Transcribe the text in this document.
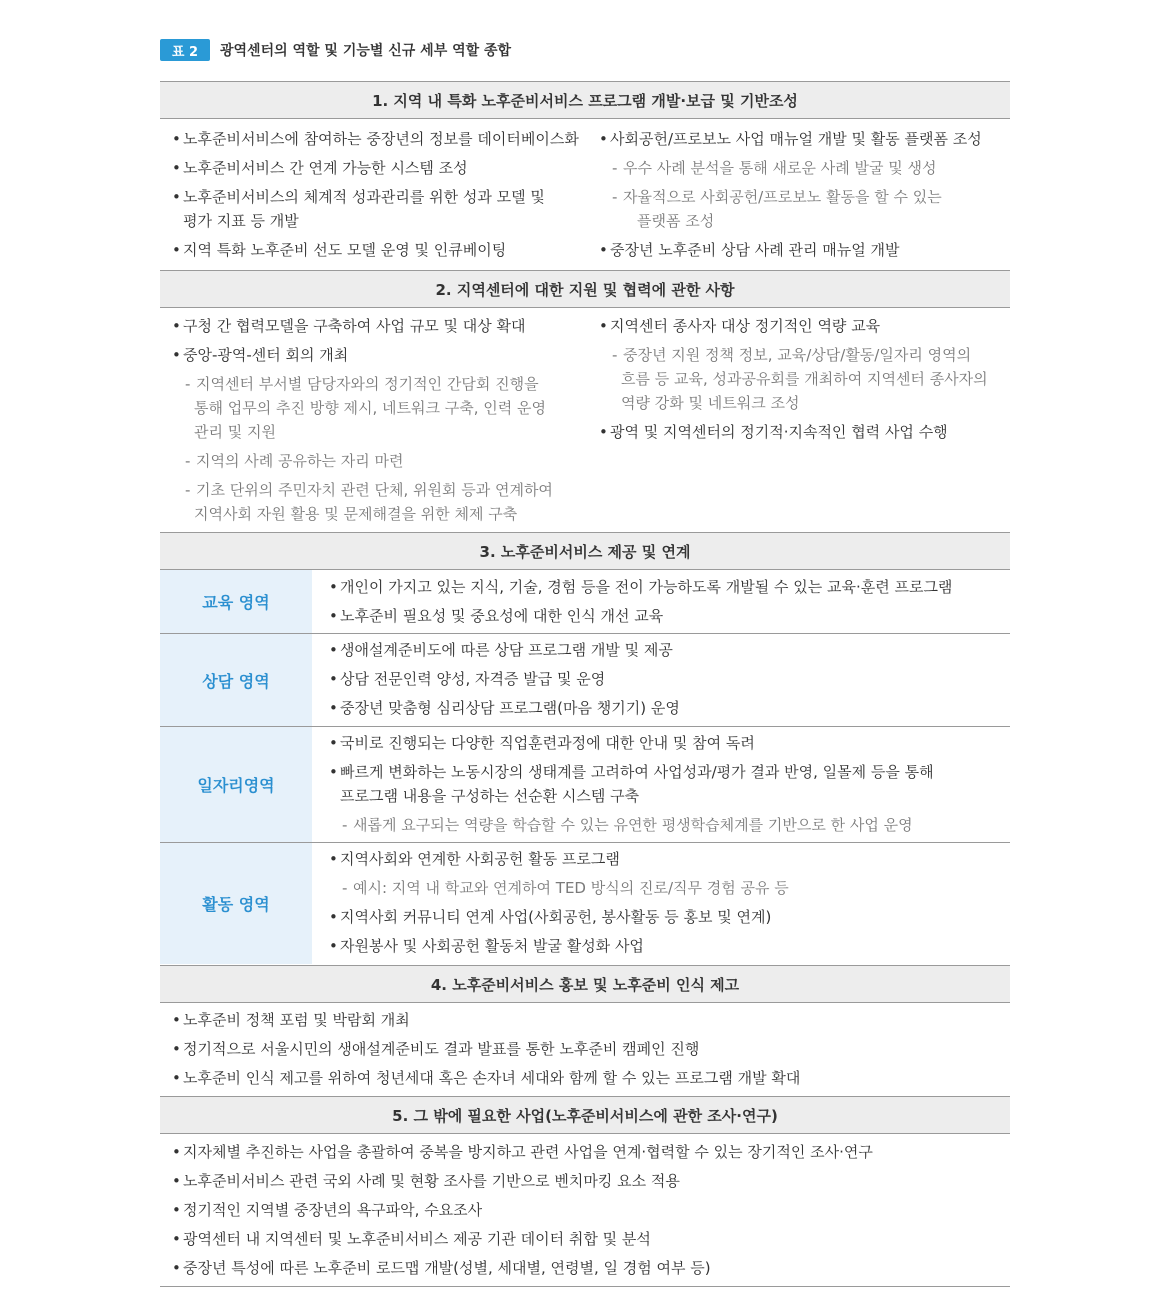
표 2	광역센터의 역할 및 기능별 신규 세부 역할 종합
1. 지역 내 특화 노후준비서비스 프로그램 개발·보급 및 기반조성
• 노후준비서비스에 참여하는 중장년의 정보를 데이터베이스화
• 노후준비서비스 간 연계 가능한 시스템 조성
• 노후준비서비스의 체계적 성과관리를 위한 성과 모델 및
평가 지표 등 개발
• 지역 특화 노후준비 선도 모델 운영 및 인큐베이팅
• 사회공헌/프로보노 사업 매뉴얼 개발 및 활동 플랫폼 조성
- 우수 사례 분석을 통해 새로운 사례 발굴 및 생성
- 자율적으로 사회공헌/프로보노 활동을 할 수 있는
플랫폼 조성
• 중장년 노후준비 상담 사례 관리 매뉴얼 개발
2. 지역센터에 대한 지원 및 협력에 관한 사항
• 구청 간 협력모델을 구축하여 사업 규모 및 대상 확대
• 중앙-광역-센터 회의 개최
- 지역센터 부서별 담당자와의 정기적인 간담회 진행을
통해 업무의 추진 방향 제시, 네트워크 구축, 인력 운영
관리 및 지원
- 지역의 사례 공유하는 자리 마련
- 기초 단위의 주민자치 관련 단체, 위원회 등과 연계하여
지역사회 자원 활용 및 문제해결을 위한 체제 구축
• 지역센터 종사자 대상 정기적인 역량 교육
- 중장년 지원 정책 정보, 교육/상담/활동/일자리 영역의
흐름 등 교육, 성과공유회를 개최하여 지역센터 종사자의
역량 강화 및 네트워크 조성
• 광역 및 지역센터의 정기적·지속적인 협력 사업 수행
3. 노후준비서비스 제공 및 연계
교육 영역
• 개인이 가지고 있는 지식, 기술, 경험 등을 전이 가능하도록 개발될 수 있는 교육·훈련 프로그램
• 노후준비 필요성 및 중요성에 대한 인식 개선 교육
상담 영역
• 생애설계준비도에 따른 상담 프로그램 개발 및 제공
• 상담 전문인력 양성, 자격증 발급 및 운영
• 중장년 맞춤형 심리상담 프로그램(마음 챙기기) 운영
일자리영역
• 국비로 진행되는 다양한 직업훈련과정에 대한 안내 및 참여 독려
• 빠르게 변화하는 노동시장의 생태계를 고려하여 사업성과/평가 결과 반영, 일몰제 등을 통해
프로그램 내용을 구성하는 선순환 시스템 구축
- 새롭게 요구되는 역량을 학습할 수 있는 유연한 평생학습체계를 기반으로 한 사업 운영
활동 영역
• 지역사회와 연계한 사회공헌 활동 프로그램
- 예시: 지역 내 학교와 연계하여 TED 방식의 진로/직무 경험 공유 등
• 지역사회 커뮤니티 연계 사업(사회공헌, 봉사활동 등 홍보 및 연계)
• 자원봉사 및 사회공헌 활동처 발굴 활성화 사업
4. 노후준비서비스 홍보 및 노후준비 인식 제고
• 노후준비 정책 포럼 및 박람회 개최
• 정기적으로 서울시민의 생애설계준비도 결과 발표를 통한 노후준비 캠페인 진행
• 노후준비 인식 제고를 위하여 청년세대 혹은 손자녀 세대와 함께 할 수 있는 프로그램 개발 확대
5. 그 밖에 필요한 사업(노후준비서비스에 관한 조사·연구)
• 지자체별 추진하는 사업을 총괄하여 중복을 방지하고 관련 사업을 연계·협력할 수 있는 장기적인 조사·연구
• 노후준비서비스 관련 국외 사례 및 현황 조사를 기반으로 벤치마킹 요소 적용
• 정기적인 지역별 중장년의 욕구파악, 수요조사
• 광역센터 내 지역센터 및 노후준비서비스 제공 기관 데이터 취합 및 분석
• 중장년 특성에 따른 노후준비 로드맵 개발(성별, 세대별, 연령별, 일 경험 여부 등)
